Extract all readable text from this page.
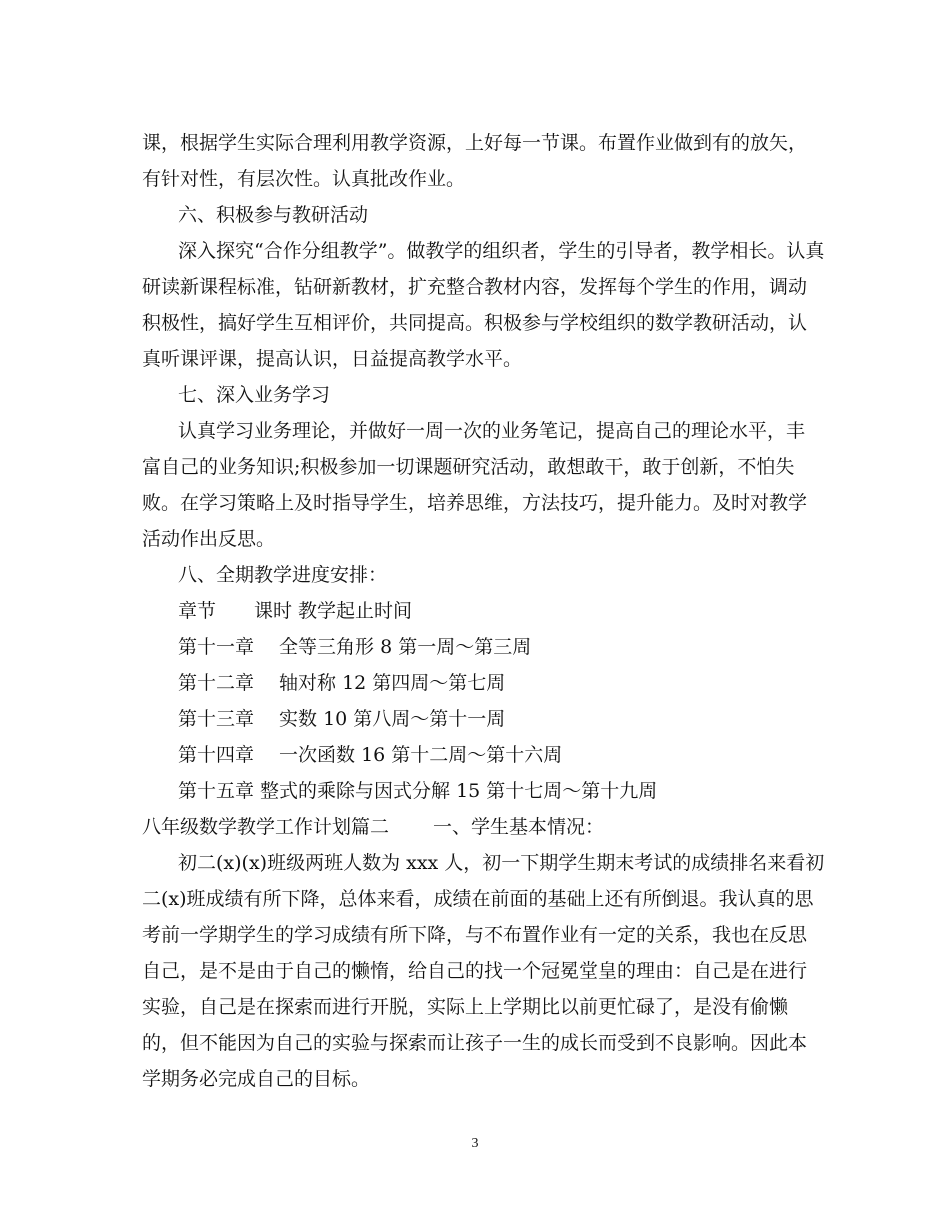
课，根据学生实际合理利用教学资源，上好每一节课。布置作业做到有的放矢，
有针对性，有层次性。认真批改作业。
六、积极参与教研活动
深入探究“合作分组教学”。做教学的组织者，学生的引导者，教学相长。认真
研读新课程标准，钻研新教材，扩充整合教材内容，发挥每个学生的作用，调动
积极性，搞好学生互相评价，共同提高。积极参与学校组织的数学教研活动，认
真听课评课，提高认识，日益提高教学水平。
七、深入业务学习
认真学习业务理论，并做好一周一次的业务笔记，提高自己的理论水平，丰
富自己的业务知识;积极参加一切课题研究活动，敢想敢干，敢于创新，不怕失
败。在学习策略上及时指导学生，培养思维，方法技巧，提升能力。及时对教学
活动作出反思。
八、全期教学进度安排：
章节　　课时 教学起止时间
第十一章　 全等三角形 8 第一周～第三周
第十二章　 轴对称 12 第四周～第七周
第十三章　 实数 10 第八周～第十一周
第十四章　 一次函数 16 第十二周～第十六周
第十五章 整式的乘除与因式分解 15 第十七周～第十九周
八年级数学教学工作计划篇二　　 一、学生基本情况：
初二(x)(x)班级两班人数为 xxx 人，初一下期学生期末考试的成绩排名来看初
二(x)班成绩有所下降，总体来看，成绩在前面的基础上还有所倒退。我认真的思
考前一学期学生的学习成绩有所下降，与不布置作业有一定的关系，我也在反思
自己，是不是由于自己的懒惰，给自己的找一个冠冕堂皇的理由：自己是在进行
实验，自己是在探索而进行开脱，实际上上学期比以前更忙碌了，是没有偷懒
的，但不能因为自己的实验与探索而让孩子一生的成长而受到不良影响。因此本
学期务必完成自己的目标。
3
